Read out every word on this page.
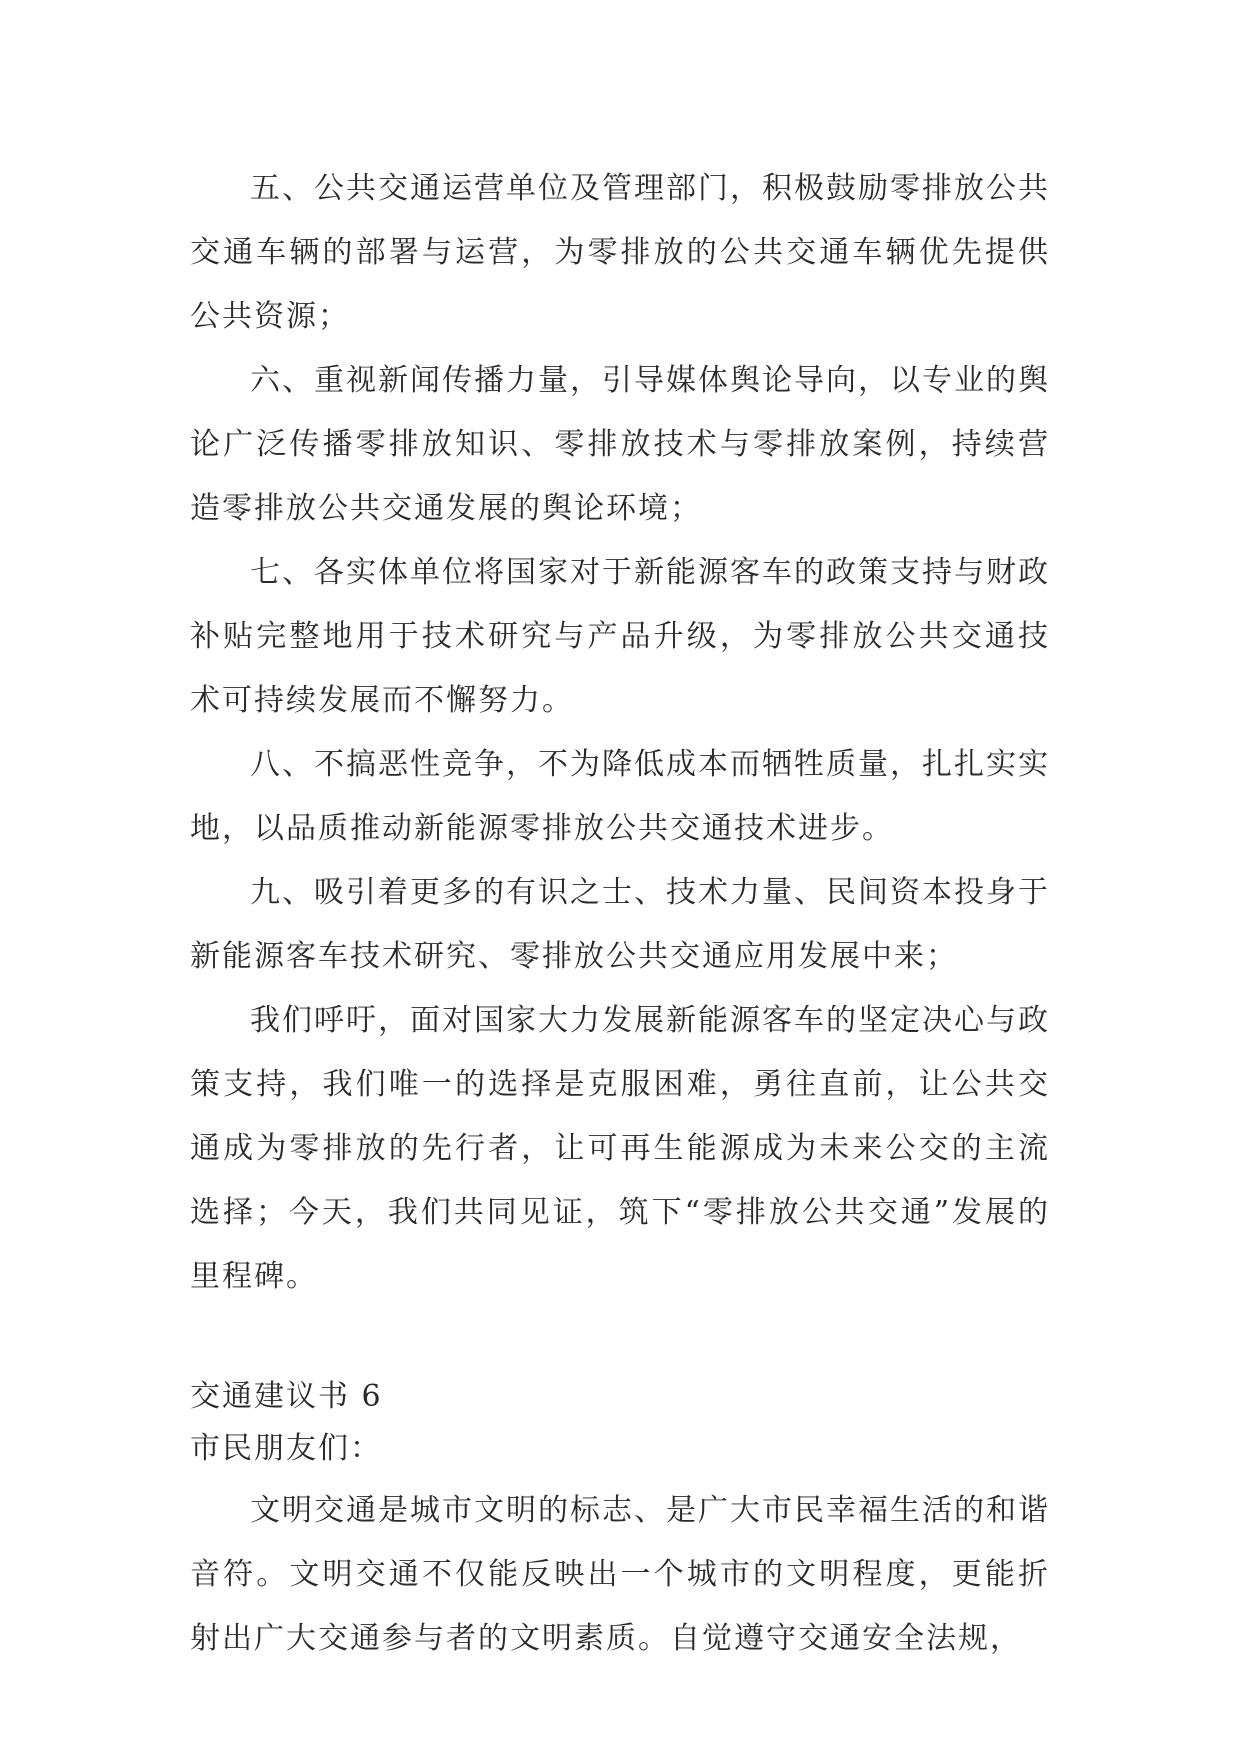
五、公共交通运营单位及管理部门，积极鼓励零排放公共交通车辆的部署与运营，为零排放的公共交通车辆优先提供公共资源；

六、重视新闻传播力量，引导媒体舆论导向，以专业的舆论广泛传播零排放知识、零排放技术与零排放案例，持续营造零排放公共交通发展的舆论环境；

七、各实体单位将国家对于新能源客车的政策支持与财政补贴完整地用于技术研究与产品升级，为零排放公共交通技术可持续发展而不懈努力。

八、不搞恶性竞争，不为降低成本而牺牲质量，扎扎实实地，以品质推动新能源零排放公共交通技术进步。

九、吸引着更多的有识之士、技术力量、民间资本投身于新能源客车技术研究、零排放公共交通应用发展中来；

我们呼吁，面对国家大力发展新能源客车的坚定决心与政策支持，我们唯一的选择是克服困难，勇往直前，让公共交通成为零排放的先行者，让可再生能源成为未来公交的主流选择；今天，我们共同见证，筑下“零排放公共交通”发展的里程碑。

交通建议书 6

市民朋友们：

文明交通是城市文明的标志、是广大市民幸福生活的和谐音符。文明交通不仅能反映出一个城市的文明程度，更能折射出广大交通参与者的文明素质。自觉遵守交通安全法规，
